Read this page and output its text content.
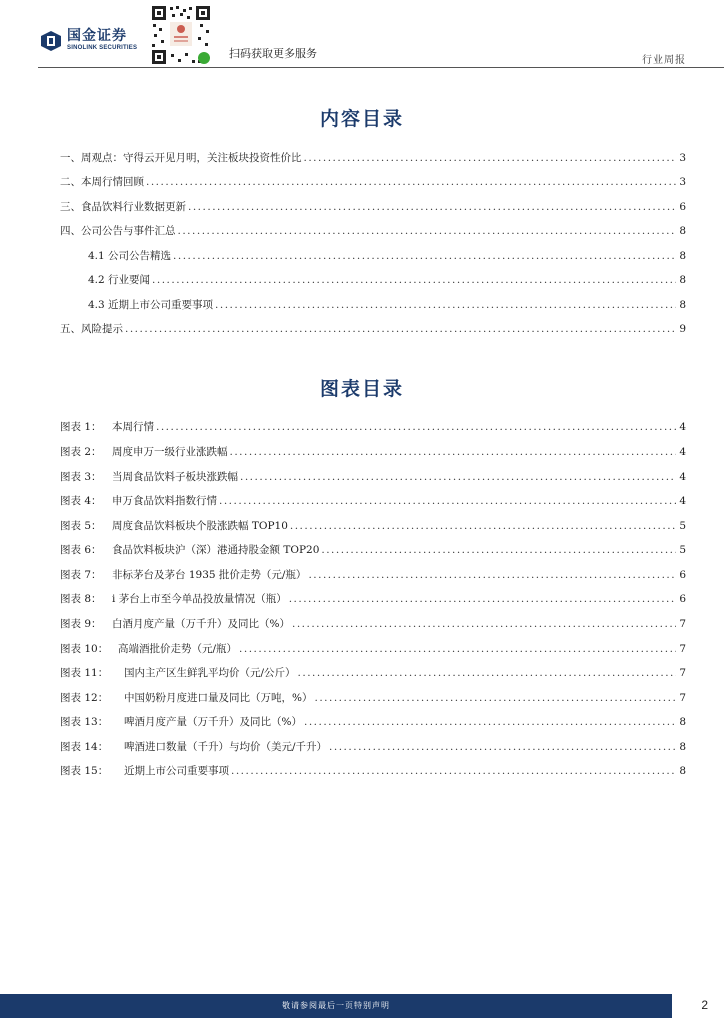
国金证券
SINOLINK SECURITIES	扫码获取更多服务
行业周报
内容目录
一、周观点：守得云开见月明，关注板块投资性价比 .....	3
二、本周行情回顾 .....	3
三、食品饮料行业数据更新 .....	6
四、公司公告与事件汇总 .....	8
4.1 公司公告精选 .....	8
4.2 行业要闻 .....	8
4.3 近期上市公司重要事项 .....	8
五、风险提示 .....	9
图表目录
图表 1： 本周行情 .....	4
图表 2： 周度申万一级行业涨跌幅 .....	4
图表 3： 当周食品饮料子板块涨跌幅 .....	4
图表 4： 申万食品饮料指数行情 .....	4
图表 5： 周度食品饮料板块个股涨跌幅 TOP10 .....	5
图表 6： 食品饮料板块沪（深）港通持股金额 TOP20 .....	5
图表 7： 非标茅台及茅台 1935 批价走势（元/瓶） .....	6
图表 8： i 茅台上市至今单品投放量情况（瓶） .....	6
图表 9： 白酒月度产量（万千升）及同比（%） .....	7
图表 10： 高端酒批价走势（元/瓶） .....	7
图表 11： 国内主产区生鲜乳平均价（元/公斤） .....	7
图表 12： 中国奶粉月度进口量及同比（万吨，%） .....	7
图表 13： 啤酒月度产量（万千升）及同比（%） .....	8
图表 14： 啤酒进口数量（千升）与均价（美元/千升） .....	8
图表 15： 近期上市公司重要事项 .....	8
敬请参阅最后一页特别声明	2
